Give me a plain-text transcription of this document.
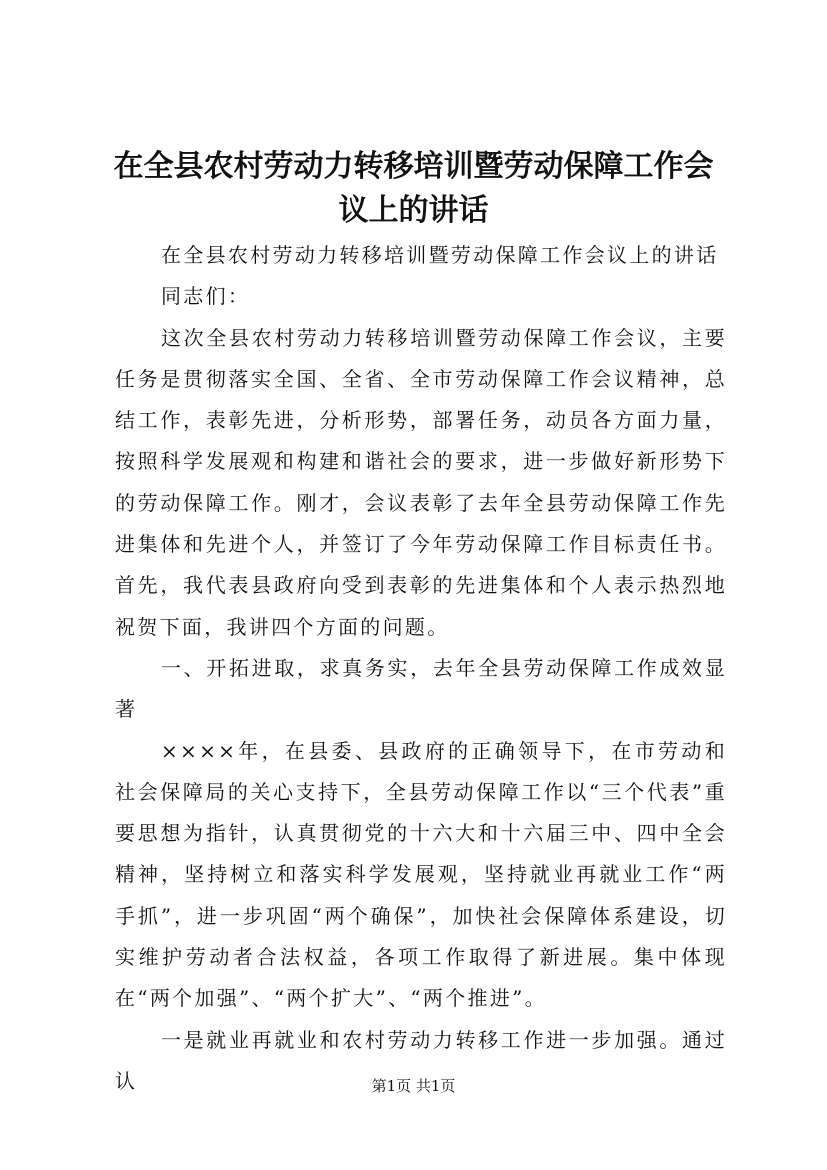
在全县农村劳动力转移培训暨劳动保障工作会议上的讲话

在全县农村劳动力转移培训暨劳动保障工作会议上的讲话

同志们：

这次全县农村劳动力转移培训暨劳动保障工作会议，主要任务是贯彻落实全国、全省、全市劳动保障工作会议精神，总结工作，表彰先进，分析形势，部署任务，动员各方面力量，按照科学发展观和构建和谐社会的要求，进一步做好新形势下的劳动保障工作。刚才，会议表彰了去年全县劳动保障工作先进集体和先进个人，并签订了今年劳动保障工作目标责任书。首先，我代表县政府向受到表彰的先进集体和个人表示热烈地祝贺下面，我讲四个方面的问题。

一、开拓进取，求真务实，去年全县劳动保障工作成效显著

××××年，在县委、县政府的正确领导下，在市劳动和社会保障局的关心支持下，全县劳动保障工作以“三个代表”重要思想为指针，认真贯彻党的十六大和十六届三中、四中全会精神，坚持树立和落实科学发展观，坚持就业再就业工作“两手抓”，进一步巩固“两个确保”，加快社会保障体系建设，切实维护劳动者合法权益，各项工作取得了新进展。集中体现在“两个加强”、“两个扩大”、“两个推进”。

一是就业再就业和农村劳动力转移工作进一步加强。通过认	第1页 共1页
